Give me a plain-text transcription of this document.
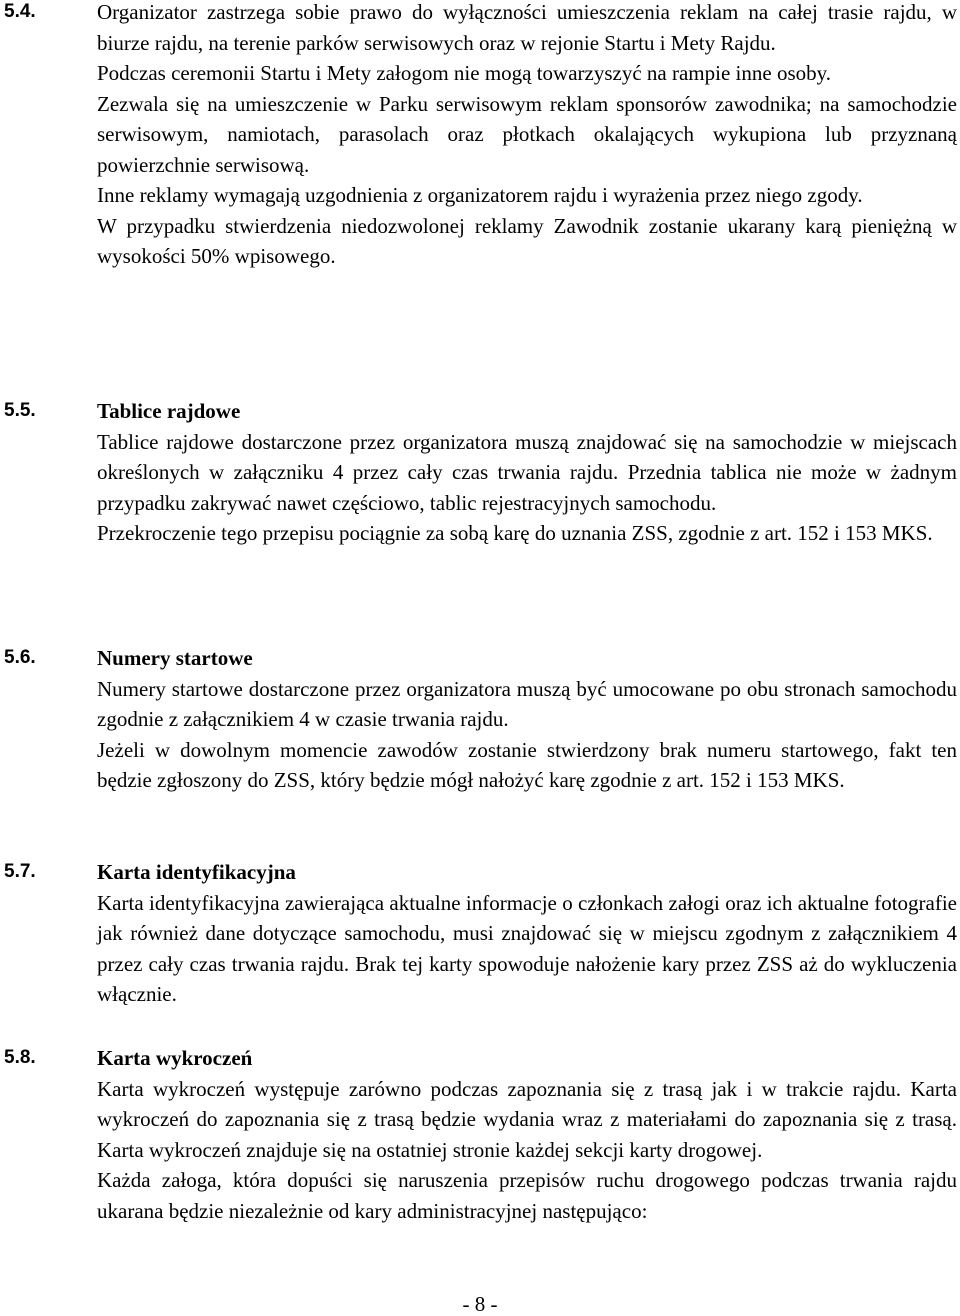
5.4.	Organizator zastrzega sobie prawo do wyłączności umieszczenia reklam na całej trasie rajdu, w biurze rajdu, na terenie parków serwisowych oraz w rejonie Startu i Mety Rajdu.

Podczas ceremonii Startu i Mety załogom nie mogą towarzyszyć na rampie inne osoby.

Zezwala się na umieszczenie w Parku serwisowym reklam sponsorów zawodnika; na samochodzie serwisowym, namiotach, parasolach oraz płotkach okalających wykupiona lub przyznaną powierzchnie serwisową.

Inne reklamy wymagają uzgodnienia z organizatorem rajdu i wyrażenia przez niego zgody.

W przypadku stwierdzenia niedozwolonej reklamy Zawodnik zostanie ukarany karą pieniężną w wysokości 50% wpisowego.

5.5.	Tablice rajdowe

Tablice rajdowe dostarczone przez organizatora muszą znajdować się na samochodzie w miejscach określonych w załączniku 4 przez cały czas trwania rajdu. Przednia tablica nie może w żadnym przypadku zakrywać nawet częściowo, tablic rejestracyjnych samochodu.

Przekroczenie tego przepisu pociągnie za sobą karę do uznania ZSS, zgodnie z art. 152 i 153 MKS.

5.6.	Numery startowe

Numery startowe dostarczone przez organizatora muszą być umocowane po obu stronach samochodu zgodnie z załącznikiem 4 w czasie trwania rajdu.

Jeżeli w dowolnym momencie zawodów zostanie stwierdzony brak numeru startowego, fakt ten będzie zgłoszony do ZSS, który będzie mógł nałożyć karę zgodnie z art. 152 i 153 MKS.

5.7.	Karta identyfikacyjna

Karta identyfikacyjna zawierająca aktualne informacje o członkach załogi oraz ich aktualne fotografie jak również dane dotyczące samochodu, musi znajdować się w miejscu zgodnym z załącznikiem 4 przez cały czas trwania rajdu. Brak tej karty spowoduje nałożenie kary przez ZSS aż do wykluczenia włącznie.

5.8.	Karta wykroczeń

Karta wykroczeń występuje zarówno podczas zapoznania się z trasą jak i w trakcie rajdu. Karta wykroczeń do zapoznania się z trasą będzie wydania wraz z materiałami do zapoznania się z trasą. Karta wykroczeń znajduje się na ostatniej stronie każdej sekcji karty drogowej.

Każda załoga, która dopuści się naruszenia przepisów ruchu drogowego podczas trwania rajdu ukarana będzie niezależnie od kary administracyjnej następująco:

- 8 -
